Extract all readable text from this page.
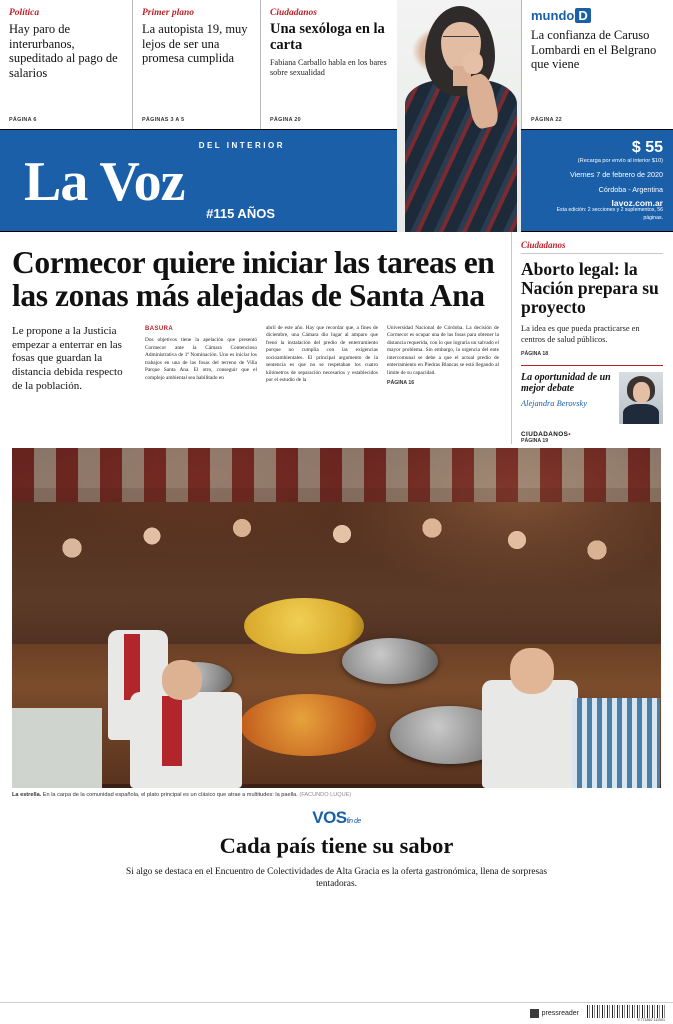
Política
Hay paro de interurbanos, supeditado al pago de salarios
PÁGINA 6
Primer plano
La autopista 19, muy lejos de ser una promesa cumplida
PÁGINAS 3 A 5
Ciudadanos
Una sexóloga en la carta
Fabiana Carballo habla en los bares sobre sexualidad
PÁGINA 20
mundo D
La confianza de Caruso Lombardi en el Belgrano que viene
PÁGINA 22
DEL INTERIOR
La Voz
#115 AÑOS
$ 55
(Recarga por envío al interior $10)
Viernes 7 de febrero de 2020
Córdoba - Argentina
lavoz.com.ar
Esta edición: 2 secciones y 2 suplementos, 56 páginas.
Cormecor quiere iniciar las tareas en las zonas más alejadas de Santa Ana
Le propone a la Justicia empezar a enterrar en las fosas que guardan la distancia debida respecto de la población.
BASURA
Dos objetivos tiene la apelación que presentó Cormecor ante la Cámara Contencioso Administrativa de 1ª Nominación. Uno es iniciar los trabajos en una de las fosas del terreno de Villa Parque Santa Ana. El otro, conseguir que el complejo ambiental sea habilitado en
abril de este año. Hay que recordar que, a fines de diciembre, una Cámara dio lugar al amparo que frenó la instalación del predio de enterramiento porque no cumplía con las exigencias socioambientales. El principal argumento de la sentencia es que no se respetaban los cuatro kilómetros de separación necesarios y establecidos por el estudio de la
Universidad Nacional de Córdoba. La decisión de Cormecor es ocupar una de las fosas para obtener la distancia requerida, con lo que lograría un salvado el mayor problema. Sin embargo, la urgencia del ente intercomunal se debe a que el actual predio de enterramiento en Piedras Blancas se está llegando al límite de su capacidad.
PÁGINA 16
Ciudadanos
Aborto legal: la Nación prepara su proyecto
La idea es que pueda practicarse en centros de salud públicos.
PÁGINA 18
La oportunidad de un mejor debate
Alejandra Berovsky
CIUDADANOS•
PÁGINA 19
La estrella. En la carpa de la comunidad española, el plato principal es un clásico que atrae a multitudes: la paella. (FACUNDO LUQUE)
VOSfin de
Cada país tiene su sabor
Si algo se destaca en el Encuentro de Colectividades de Alta Gracia es la oferta gastronómica, llena de sorpresas tentadoras.
pressreader
9 771852 111001
